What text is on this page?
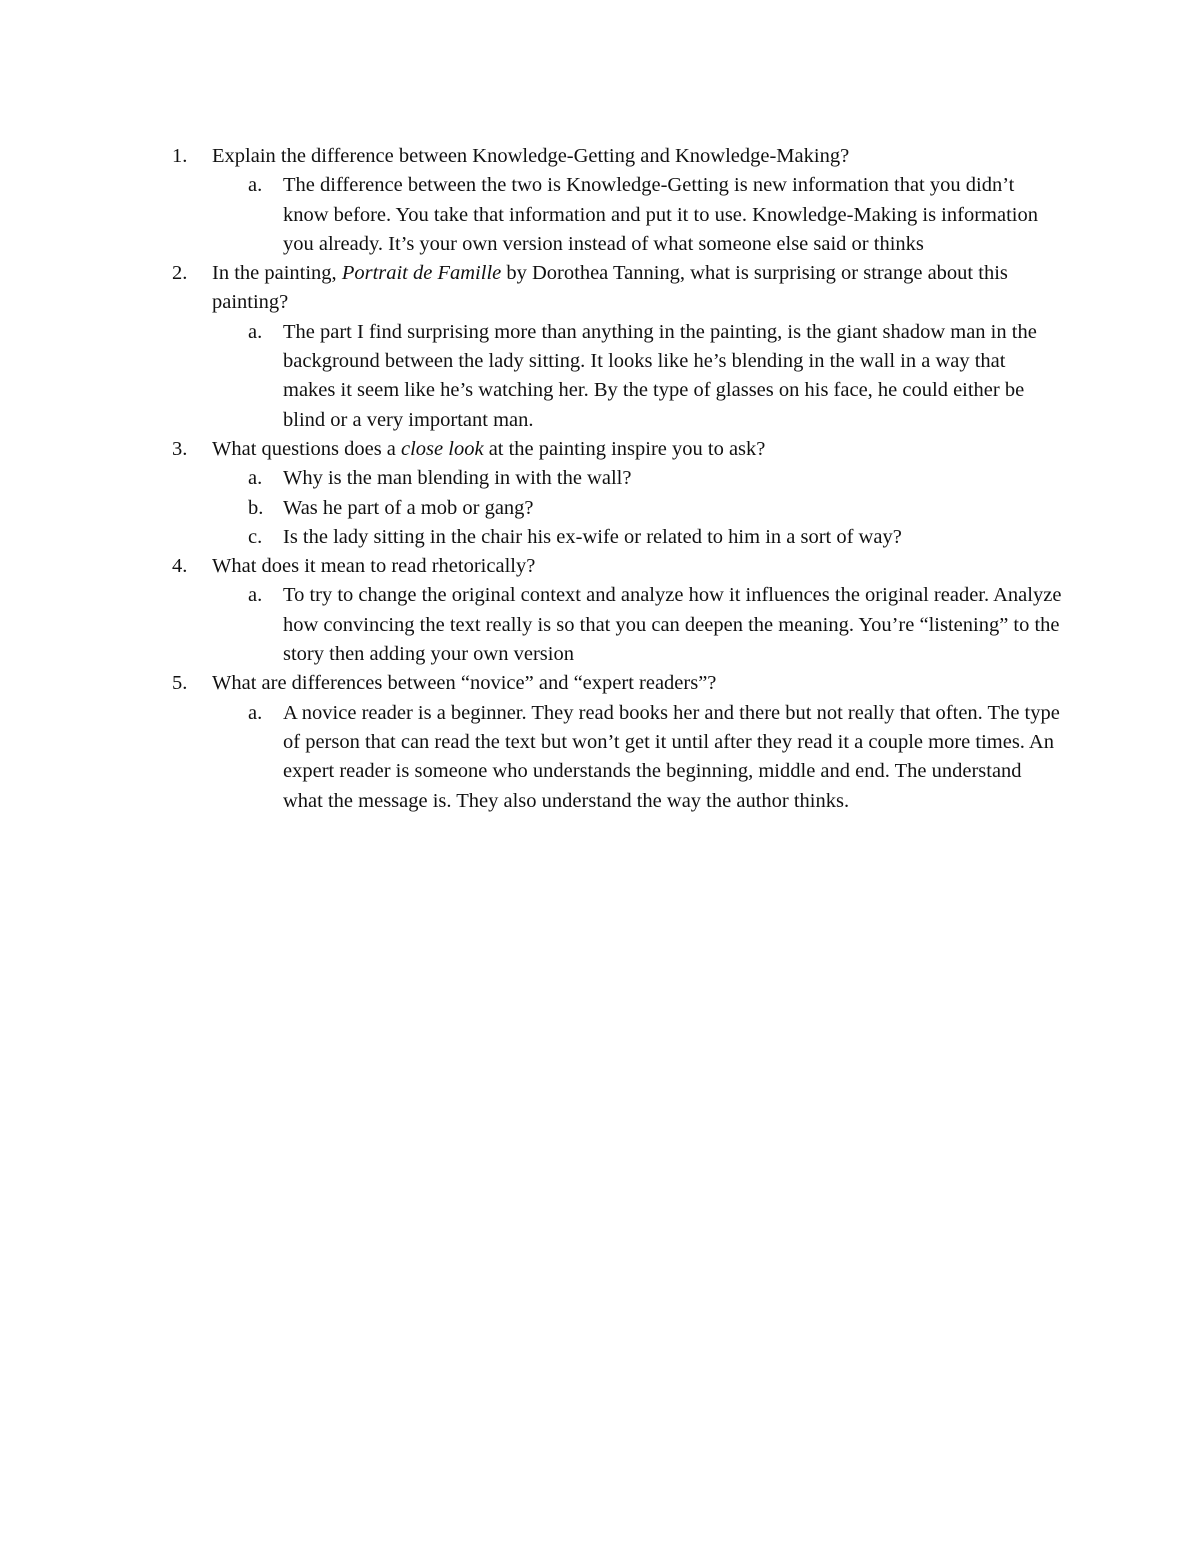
1.	Explain the difference between Knowledge-Getting and Knowledge-Making?
a.	The difference between the two is Knowledge-Getting is new information that you didn’t know before. You take that information and put it to use. Knowledge-Making is information you already. It’s your own version instead of what someone else said or thinks
2.	In the painting, Portrait de Famille by Dorothea Tanning, what is surprising or strange about this painting?
a.	The part I find surprising more than anything in the painting, is the giant shadow man in the background between the lady sitting. It looks like he’s blending in the wall in a way that makes it seem like he’s watching her. By the type of glasses on his face, he could either be blind or a very important man.
3.	What questions does a close look at the painting inspire you to ask?
a.	Why is the man blending in with the wall?
b. Was he part of a mob or gang?
c.	Is the lady sitting in the chair his ex-wife or related to him in a sort of way?
4.	What does it mean to read rhetorically?
a.	To try to change the original context and analyze how it influences the original reader. Analyze how convincing the text really is so that you can deepen the meaning. You’re “listening” to the story then adding your own version
5.	What are differences between “novice” and “expert readers”?
a.	A novice reader is a beginner. They read books her and there but not really that often. The type of person that can read the text but won’t get it until after they read it a couple more times. An expert reader is someone who understands the beginning, middle and end. The understand what the message is. They also understand the way the author thinks.
